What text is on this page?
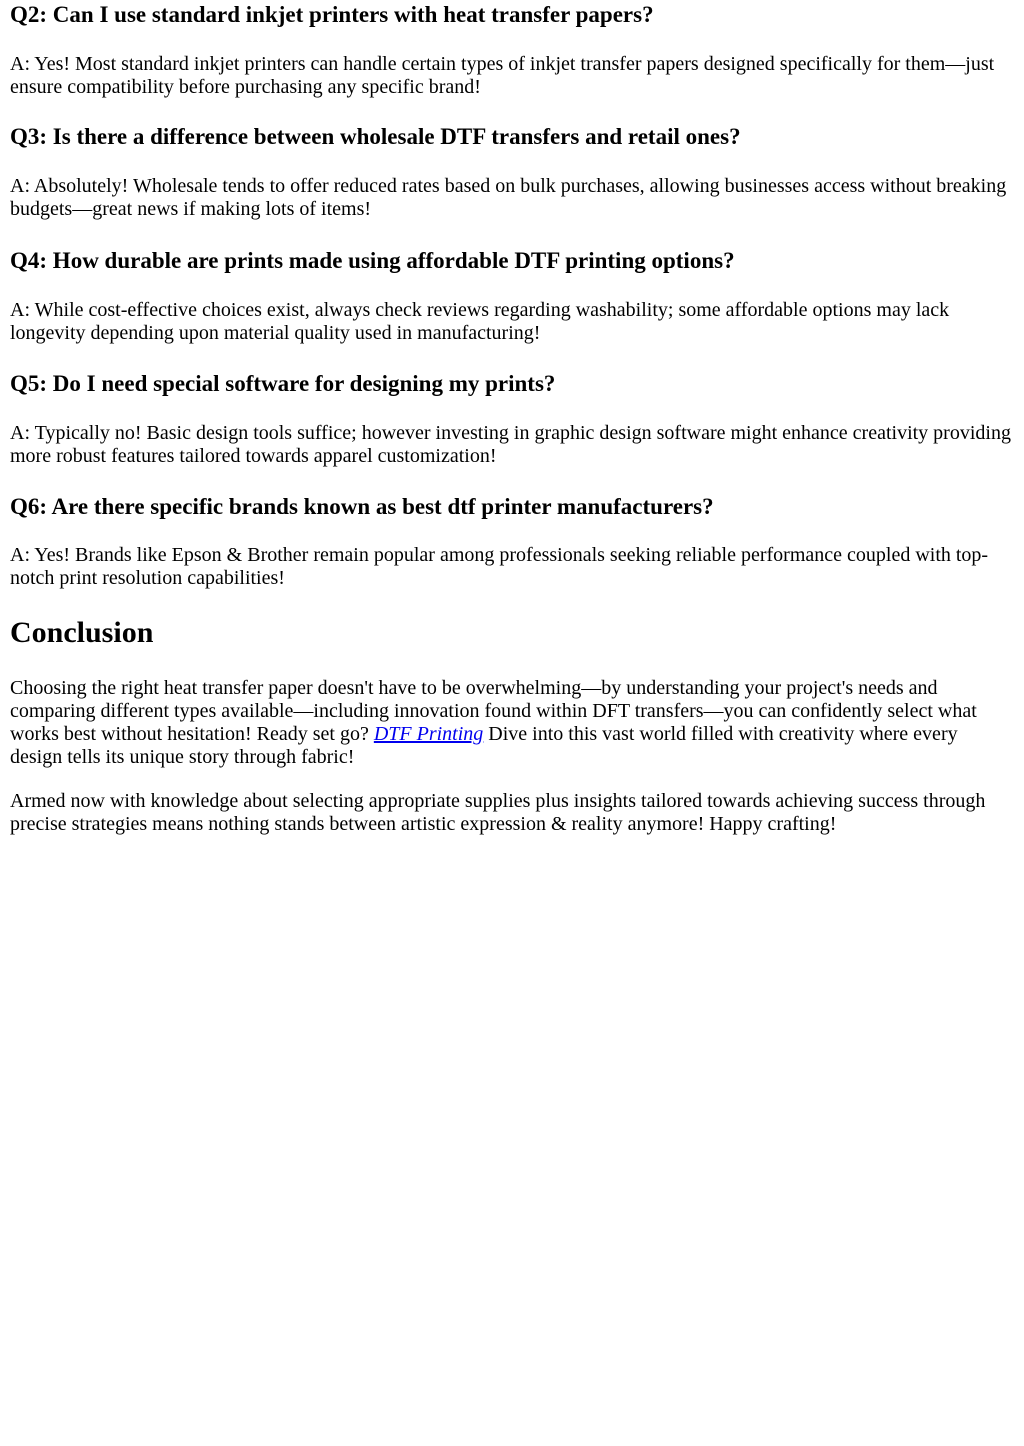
Q2: Can I use standard inkjet printers with heat transfer papers?

A: Yes! Most standard inkjet printers can handle certain types of inkjet transfer papers designed specifically for them—just ensure compatibility before purchasing any specific brand!

Q3: Is there a difference between wholesale DTF transfers and retail ones?

A: Absolutely! Wholesale tends to offer reduced rates based on bulk purchases, allowing businesses access without breaking budgets—great news if making lots of items!

Q4: How durable are prints made using affordable DTF printing options?

A: While cost-effective choices exist, always check reviews regarding washability; some affordable options may lack longevity depending upon material quality used in manufacturing!

Q5: Do I need special software for designing my prints?

A: Typically no! Basic design tools suffice; however investing in graphic design software might enhance creativity providing more robust features tailored towards apparel customization!

Q6: Are there specific brands known as best dtf printer manufacturers?

A: Yes! Brands like Epson & Brother remain popular among professionals seeking reliable performance coupled with top-notch print resolution capabilities!

Conclusion

Choosing the right heat transfer paper doesn't have to be overwhelming—by understanding your project's needs and comparing different types available—including innovation found within DFT transfers—you can confidently select what works best without hesitation! Ready set go? DTF Printing Dive into this vast world filled with creativity where every design tells its unique story through fabric!

Armed now with knowledge about selecting appropriate supplies plus insights tailored towards achieving success through precise strategies means nothing stands between artistic expression & reality anymore! Happy crafting!
